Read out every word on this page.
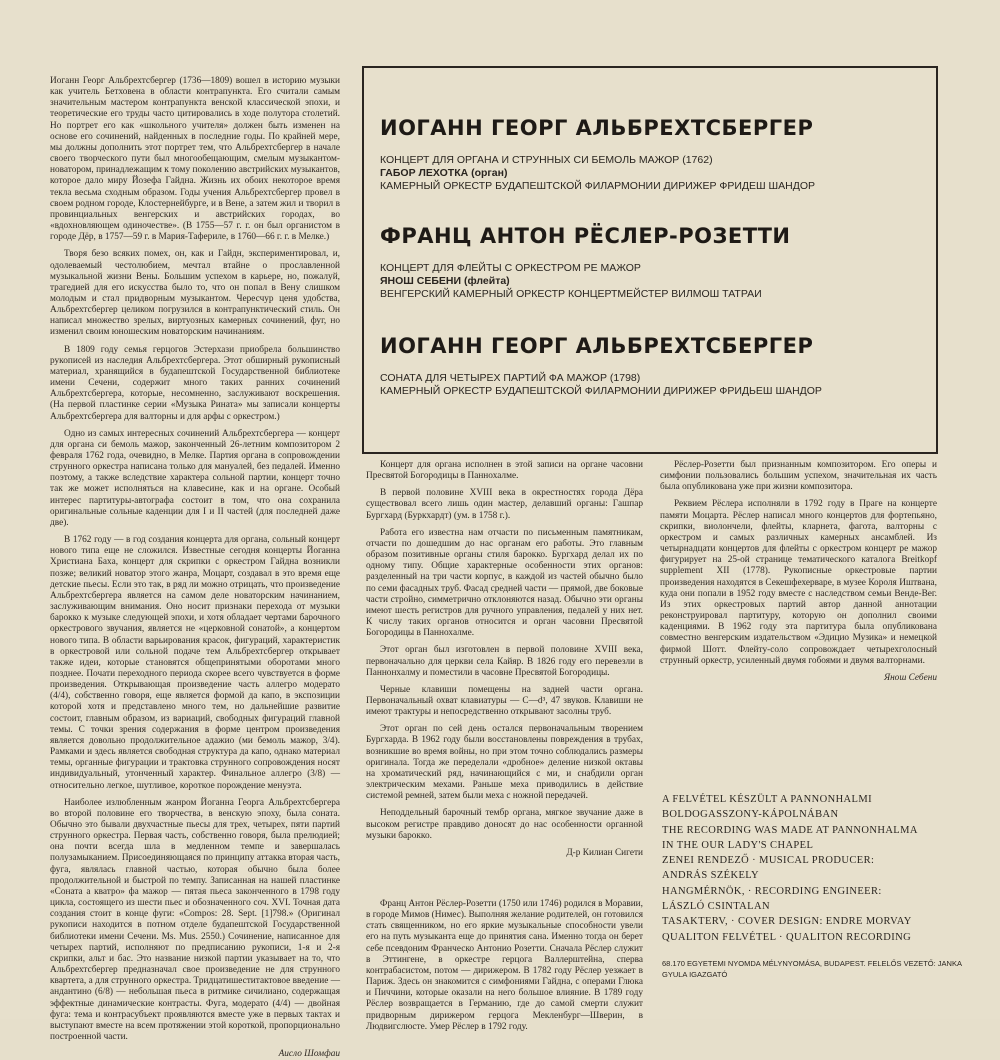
Иоганн Георг Альбрехтсбергер (1736—1809) вошел в историю музыки как учитель Бетховена в области контрапункта. Его считали самым значительным мастером контрапункта венской классической эпохи, и теоретические его труды часто цитировались в ходе полутора столетий. Но портрет его как «школьного учителя» должен быть изменен на основе его сочинений, найденных в последние годы. По крайней мере, мы должны дополнить этот портрет тем, что Альбрехтсбергер в начале своего творческого пути был многообещающим, смелым музыкантом-новатором, принадлежащим к тому поколению австрийских музыкантов, которое дало миру Йозефа Гайдна. Жизнь их обоих некоторое время текла весьма сходным образом. Годы учения Альбрехтсбергер провел в своем родном городе, Клостернейбурге, и в Вене, а затем жил и творил в провинциальных венгерских и австрийских городах, во «вдохновляющем одиночестве». (В 1755—57 г. г. он был органистом в городе Дёр, в 1757—59 г. в Мария-Тафериле, в 1760—66 г. г. в Мелке.)

Творя безо всяких помех, он, как и Гайдн, экспериментировал, и, одолеваемый честолюбием, мечтал втайне о прославленной музыкальной жизни Вены. Большим успехом в карьере, но, пожалуй, трагедией для его искусства было то, что он попал в Вену слишком молодым и стал придворным музыкантом. Чересчур ценя удобства, Альбрехтсбергер целиком погрузился в контрапунктический стиль. Он написал множество зрелых, виртуозных камерных сочинений, фуг, но изменил своим юношеским новаторским начинаниям.

В 1809 году семья герцогов Эстерхази приобрела большинство рукописей из наследия Альбрехтсбергера. Этот обширный рукописный материал, хранящийся в будапештской Государственной библиотеке имени Сечени, содержит много таких ранних сочинений Альбрехтсбергера, которые, несомненно, заслуживают воскрешения. (На первой пластинке серии «Музыка Рината» мы записали концерты Альбрехтсбергера для валторны и для арфы с оркестром.)

Одно из самых интересных сочинений Альбрехтсбергера — концерт для органа си бемоль мажор, законченный 26-летним композитором 2 февраля 1762 года, очевидно, в Мелке. Партия органа в сопровождении струнного оркестра написана только для мануалей, без педалей. Именно поэтому, а также вследствие характера сольной партии, концерт точно так же может исполняться на клавесине, как и на органе. Особый интерес партитуры-автографа состоит в том, что она сохранила оригинальные сольные каденции для I и II частей (для последней даже две).

В 1762 году — в год создания концерта для органа, сольный концерт нового типа еще не сложился. Известные сегодня концерты Йоганна Христиана Баха, концерт для скрипки с оркестром Гайдна возникли позже; великий новатор этого жанра, Моцарт, создавал в это время еще детские пьесы. Если это так, в ряд ли можно отрицать, что произведение Альбрехтсбергера является на самом деле новаторским начинанием, заслуживающим внимания. Оно носит признаки перехода от музыки барокко к музыке следующей эпохи, и хотя обладает чертами барочного оркестрового звучания, является не «церковной сонатой», а концертом нового типа. В области варьирования красок, фигураций, характеристик в оркестровой или сольной подаче тем Альбрехтсбергер открывает также идеи, которые становятся общепринятыми оборотами много позднее. Почати переходного периода скорее всего чувствуется в форме произведения. Открывающая произведение часть аллегро модерато (4/4), собственно говоря, еще является формой да капо, в экспозиции которой хотя и представлено много тем, но дальнейшие развитие состоит, главным образом, из вариаций, свободных фигураций главной темы. С точки зрения содержания в форме центром произведения является довольно продолжительное адажио (ми бемоль мажор, 3/4). Рамками и здесь является свободная структура да капо, однако материал темы, органные фигурации и трактовка струнного сопровождения носят индивидуальный, утонченный характер. Финальное аллегро (3/8) — относительно легкое, шутливое, короткое порождение менуэта.

Наиболее излюбленным жанром Йоганна Георга Альбрехтсбергера во второй половине его творчества, в венскую эпоху, была соната. Обычно это бывали двухчастные пьесы для трех, четырех, пяти партий струнного оркестра. Первая часть, собственно говоря, была прелюдией; она почти всегда шла в медленном темпе и завершалась полузамыканием. Присоединяющаяся по принципу аттакка вторая часть, фуга, являлась главной частью, которая обычно была более продолжительной и быстрой по темпу. Записанная на нашей пластинке «Соната а кватро» фа мажор — пятая пьеса законченного в 1798 году цикла, состоящего из шести пьес и обозначенного соч. XVI. Точная дата создания стоит в конце фуги: «Compos: 28. Sept. [1]798.» (Оригинал рукописи находится в потном отделе будапештской Государственной библиотеки имени Сечени. Ms. Mus. 2550.) Сочинение, написанное для четырех партий, исполняют по предписанию рукописи, 1-я и 2-я скрипки, альт и бас. Это название низкой партии указывает на то, что Альбрехтсбергер предназначал свое произведение не для струнного квартета, а для струнного оркестра. Тридцатишеститактовое введение — андантино (6/8) — небольшая пьеса в ритмике сичилиано, содержащая эффектные динамические контрасты. Фуга, модерато (4/4) — двойная фуга: тема и контрасубъект проявляются вместе уже в первых тактах и выступают вместе на всем протяжении этой короткой, пропорционально построенной части.

Аисло Шомфаи
ИОГАНН ГЕОРГ АЛЬБРЕХТСБЕРГЕР
КОНЦЕРТ ДЛЯ ОРГАНА И СТРУННЫХ СИ БЕМОЛЬ МАЖОР (1762)
ГАБОР ЛЕХОТКА (орган)
КАМЕРНЫЙ ОРКЕСТР БУДАПЕШТСКОЙ ФИЛАРМОНИИ ДИРИЖЕР ФРИДЕШ ШАНДОР
ФРАНЦ АНТОН РЁСЛЕР-РОЗЕТТИ
КОНЦЕРТ ДЛЯ ФЛЕЙТЫ С ОРКЕСТРОМ РЕ МАЖОР
ЯНОШ СЕБЕНИ (флейта)
ВЕНГЕРСКИЙ КАМЕРНЫЙ ОРКЕСТР КОНЦЕРТМЕЙСТЕР ВИЛМОШ ТАТРАИ
ИОГАНН ГЕОРГ АЛЬБРЕХТСБЕРГЕР
СОНАТА ДЛЯ ЧЕТЫРЕХ ПАРТИЙ ФА МАЖОР (1798)
КАМЕРНЫЙ ОРКЕСТР БУДАПЕШТСКОЙ ФИЛАРМОНИИ ДИРИЖЕР ФРИДЬЕШ ШАНДОР

Концерт для органа исполнен в этой записи на органе часовни Пресвятой Богородицы в Паннохалме.

В первой половине XVIII века в окрестностях города Дёра существовал всего лишь один мастер, делавший органы: Гашпар Бургхард (Буркхардт) (ум. в 1758 г.).

Работа его известна нам отчасти по письменным памятникам, отчасти по дошедшим до нас органам его работы. Это главным образом позитивные органы стиля барокко. Бургхард делал их по одному типу. Общие характерные особенности этих органов: разделенный на три части корпус, в каждой из частей обычно было по семи фасадных труб. Фасад средней части — прямой, две боковые части стройно, симметрично отклоняются назад. Обычно эти органы имеют шесть регистров для ручного управления, педалей у них нет. К числу таких органов относится и орган часовни Пресвятой Богородицы в Паннохалме.

Этот орган был изготовлен в первой половине XVIII века, первоначально для церкви села Кайяр. В 1826 году его перевезли в Паннонхалму и поместили в часовне Пресвятой Богородицы.

Черные клавиши помещены на задней части органа. Первоначальный охват клавиатуры — C—d³, 47 звуков. Клавиши не имеют трактуры и непосредственно открывают засолны труб.

Этот орган по сей день остался первоначальным творением Бургхарда. В 1962 году были восстановлены повреждения в трубах, возникшие во время войны, но при этом точно соблюдались размеры оригинала. Тогда же переделали «дробное» деление низкой октавы на хроматический ряд, начинающийся с ми, и снабдили орган электрическим мехами. Раньше меха приводились в действие системой ремней, затем были меха с ножной передачей.

Неподдельный барочный тембр органа, мягкое звучание даже в высоком регистре правдиво доносят до нас особенности органной музыки барокко.

Д-р Килиан Сигети

Франц Антон Рёслер-Розетти (1750 или 1746) родился в Моравии, в городе Мимов (Нимес). Выполняя желание родителей, он готовился стать священником, но его яркие музыкальные способности увели его на путь музыканта еще до принятия сана. Именно тогда он берет себе псевдоним Франческо Антонио Розетти. Сначала Рёслер служит в Эттингене, в оркестре герцога Валлерштейна, сперва контрабасистом, потом — дирижером. В 1782 году Рёслер уезжает в Париж. Здесь он знакомится с симфониями Гайдна, с операми Глюка и Пиччини, которые оказали на него большое влияние. В 1789 году Рёслер возвращается в Германию, где до самой смерти служит придворным дирижером герцога Мекленбург—Шверин, в Людвигслюсте. Умер Рёслер в 1792 году.

Рёслер-Розетти был признанным композитором. Его оперы и симфонии пользовались большим успехом, значительная их часть была опубликована уже при жизни композитора.

Реквием Рёслера исполняли в 1792 году в Праге на концерте памяти Моцарта. Рёслер написал много концертов для фортепьяно, скрипки, виолончели, флейты, кларнета, фагота, валторны с оркестром и самых различных камерных ансамблей. Из четырнадцати концертов для флейты с оркестром концерт ре мажор фигурирует на 25-ой странице тематического каталога Breitkopf supplement XII (1778). Рукописные оркестровые партии произведения находятся в Секешфехерваре, в музее Короля Иштвана, куда они попали в 1952 году вместе с наследством семьи Венде-Вег. Из этих оркестровых партий автор данной аннотации реконструировал партитуру, которую он дополнил своими каденциями. В 1962 году эта партитура была опубликована совместно венгерским издательством «Эдицио Музика» и немецкой фирмой Шотт. Флейту-соло сопровождает четырехголосный струнный оркестр, усиленный двумя гобоями и двумя валторнами.

Янош Себени
A FELVÉTEL KÉSZÜLT A PANNONHALMI
BOLDOGASSZONY-KÁPOLNÁBAN
THE RECORDING WAS MADE AT PANNONHALMA
IN THE OUR LADY'S CHAPEL
ZENEI RENDEZŐ · MUSICAL PRODUCER:
ANDRÁS SZÉKELY
HANGMÉRNÖK, · RECORDING ENGINEER:
LÁSZLÓ CSINTALAN
TASAKTERV, · COVER DESIGN: ENDRE MORVAY
QUALITON FELVÉTEL · QUALITON RECORDING
68.170 EGYETEMI NYOMDA MÉLYNYOMÁSA, BUDAPEST. FELELŐS VEZETŐ: JANKA GYULA IGAZGATÓ
